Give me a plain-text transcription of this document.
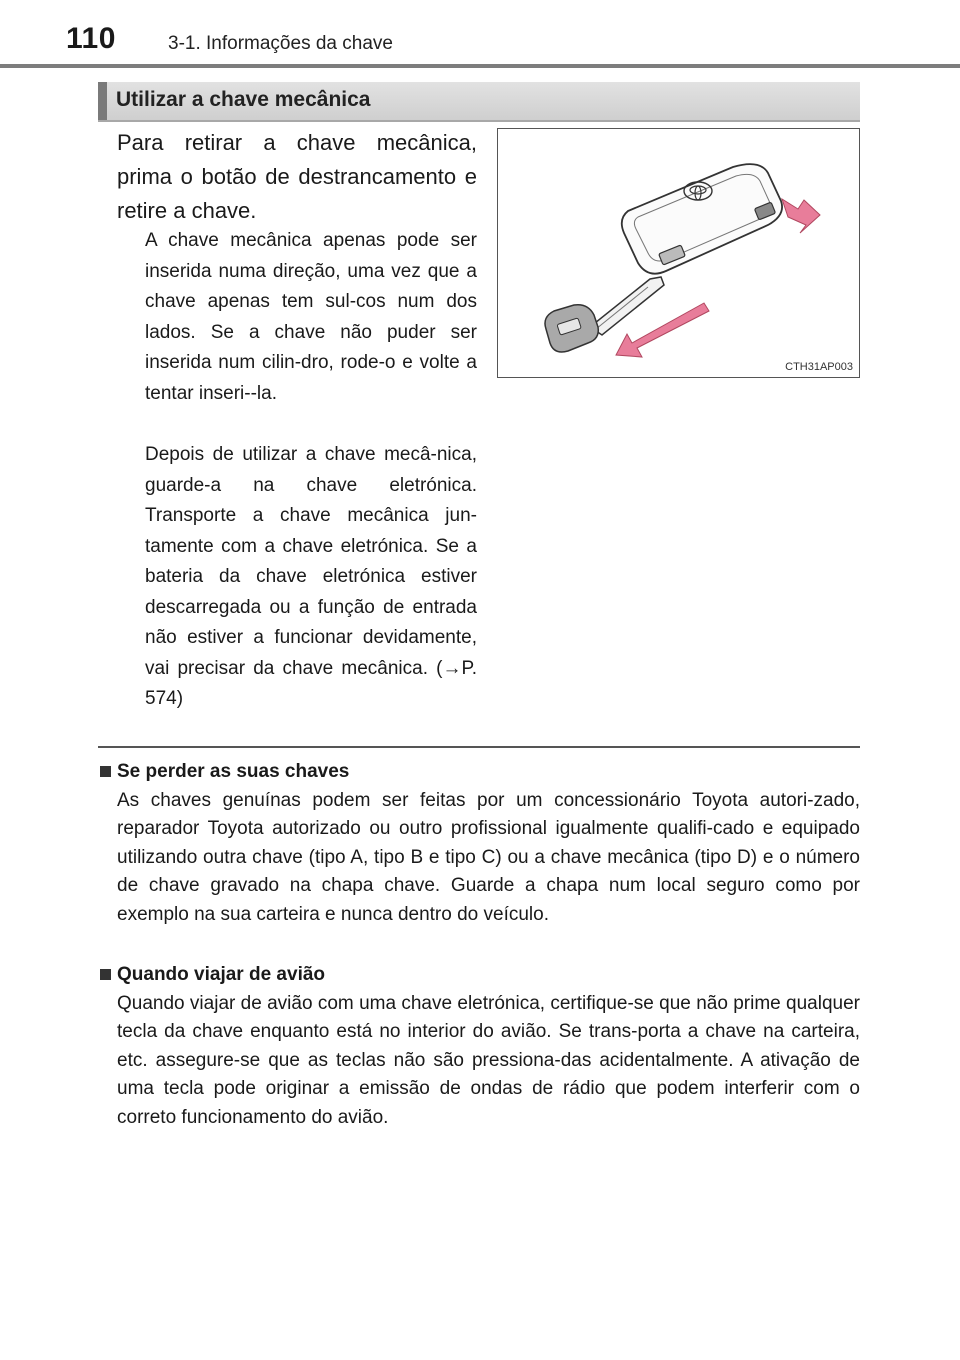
110	3-1. Informações da chave
Utilizar a chave mecânica

Para retirar a chave mecânica, prima o botão de destrancamento e retire a chave.

A chave mecânica apenas pode ser inserida numa direção, uma vez que a chave apenas tem sul-cos num dos lados. Se a chave não puder ser inserida num cilin-dro, rode-o e volte a tentar inseri--la.

Depois de utilizar a chave mecâ-nica, guarde-a na chave eletrónica. Transporte a chave mecânica jun-tamente com a chave eletrónica. Se a bateria da chave eletrónica estiver descarregada ou a função de entrada não estiver a funcionar devidamente, vai precisar da chave mecânica. (→P. 574)

CTH31AP003
Se perder as suas chaves

As chaves genuínas podem ser feitas por um concessionário Toyota autori-zado, reparador Toyota autorizado ou outro profissional igualmente qualifi-cado e equipado utilizando outra chave (tipo A, tipo B e tipo C) ou a chave mecânica (tipo D) e o número de chave gravado na chapa chave. Guarde a chapa num local seguro como por exemplo na sua carteira e nunca dentro do veículo.

Quando viajar de avião

Quando viajar de avião com uma chave eletrónica, certifique-se que não prime qualquer tecla da chave enquanto está no interior do avião. Se trans-porta a chave na carteira, etc. assegure-se que as teclas não são pressiona-das acidentalmente. A ativação de uma tecla pode originar a emissão de ondas de rádio que podem interferir com o correto funcionamento do avião.
